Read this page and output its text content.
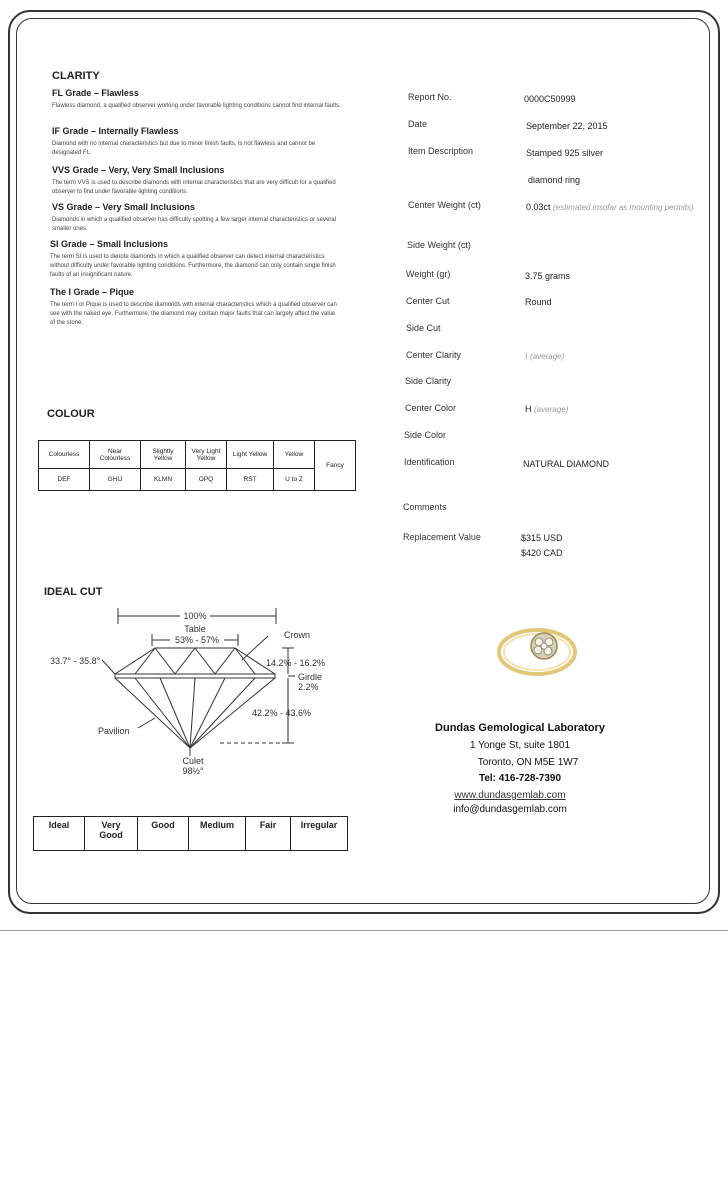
CLARITY
FL Grade – Flawless
Flawless diamond, a qualified observer working under favorable lighting conditions cannot find internal faults.
IF Grade – Internally Flawless
Diamond with no internal characteristics but due to minor finish faults, is not flawless and cannot be designated FL.
VVS Grade – Very, Very Small Inclusions
The term VVS is used to describe diamonds with internal characteristics that are very difficult for a qualified observer to find under favorable lighting conditions.
VS Grade – Very Small Inclusions
Diamonds in which a qualified observer has difficulty spotting a few larger internal characteristics or several smaller ones.
SI Grade – Small Inclusions
The term SI is used to denote diamonds in which a qualified observer can detect internal characteristics without difficulty under favorable lighting conditions. Furthermore, the diamond can only contain single finish faults of an insignificant nature.
The I Grade – Pique
The term I or Pique is used to describe diamonds with internal characteristics which a qualified observer can see with the naked eye. Furthermore, the diamond may contain major faults that can largely affect the value of the stone.
COLOUR
Colourless	Near Colourless	Slightly Yellow	Very Light Yellow	Light Yellow	Yellow	Fancy
DEF	GHIJ	KLMN	OPQ	RST	U to Z	
IDEAL CUT
100%
Table
53% - 57%	Crown
33.7° - 35.8°	14.2% - 16.2%
Girdle
2.2%
42.2% - 43.6%
Pavilion
Culet
98½°
Ideal	Very Good	Good	Medium	Fair	Irregular
Report No.	0000C50999
Date	September 22, 2015
Item Description	Stamped 925 silver
diamond ring
Center Weight (ct)	0.03ct (estimated insofar as mounting permits)
Side Weight (ct)
Weight (gr)	3.75 grams
Center Cut	Round
Side Cut
Center Clarity	I (average)
Side Clarity
Center Color	H (average)
Side Color
Identification	NATURAL DIAMOND
Comments
Replacement Value	$315 USD
$420 CAD
Dundas Gemological Laboratory
1 Yonge St, suite 1801
Toronto, ON M5E 1W7
Tel: 416-728-7390
www.dundasgemlab.com
info@dundasgemlab.com
